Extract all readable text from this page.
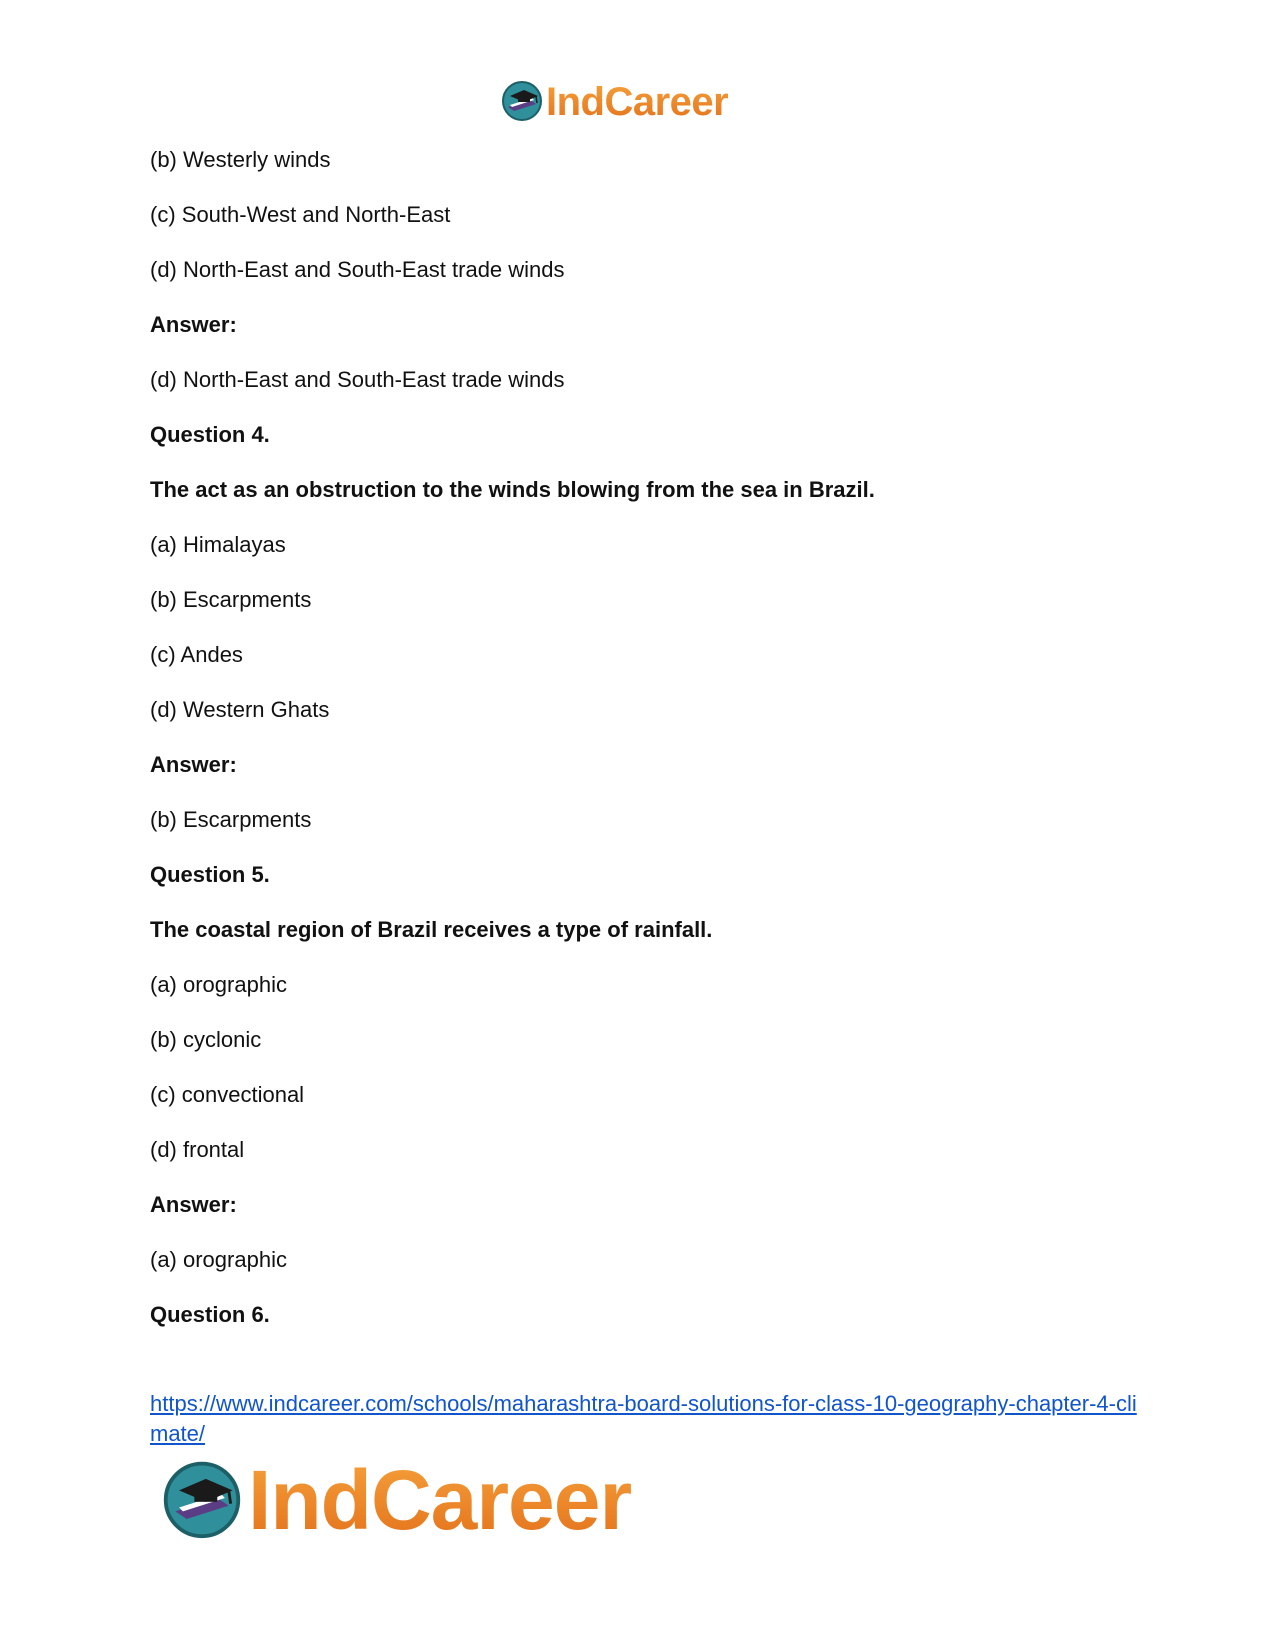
IndCareer
(b) Westerly winds
(c) South-West and North-East
(d) North-East and South-East trade winds
Answer:
(d) North-East and South-East trade winds
Question 4.
The act as an obstruction to the winds blowing from the sea in Brazil.
(a) Himalayas
(b) Escarpments
(c) Andes
(d) Western Ghats
Answer:
(b) Escarpments
Question 5.
The coastal region of Brazil receives a type of rainfall.
(a) orographic
(b) cyclonic
(c) convectional
(d) frontal
Answer:
(a) orographic
Question 6.
https://www.indcareer.com/schools/maharashtra-board-solutions-for-class-10-geography-chapter-4-climate/
IndCareer
